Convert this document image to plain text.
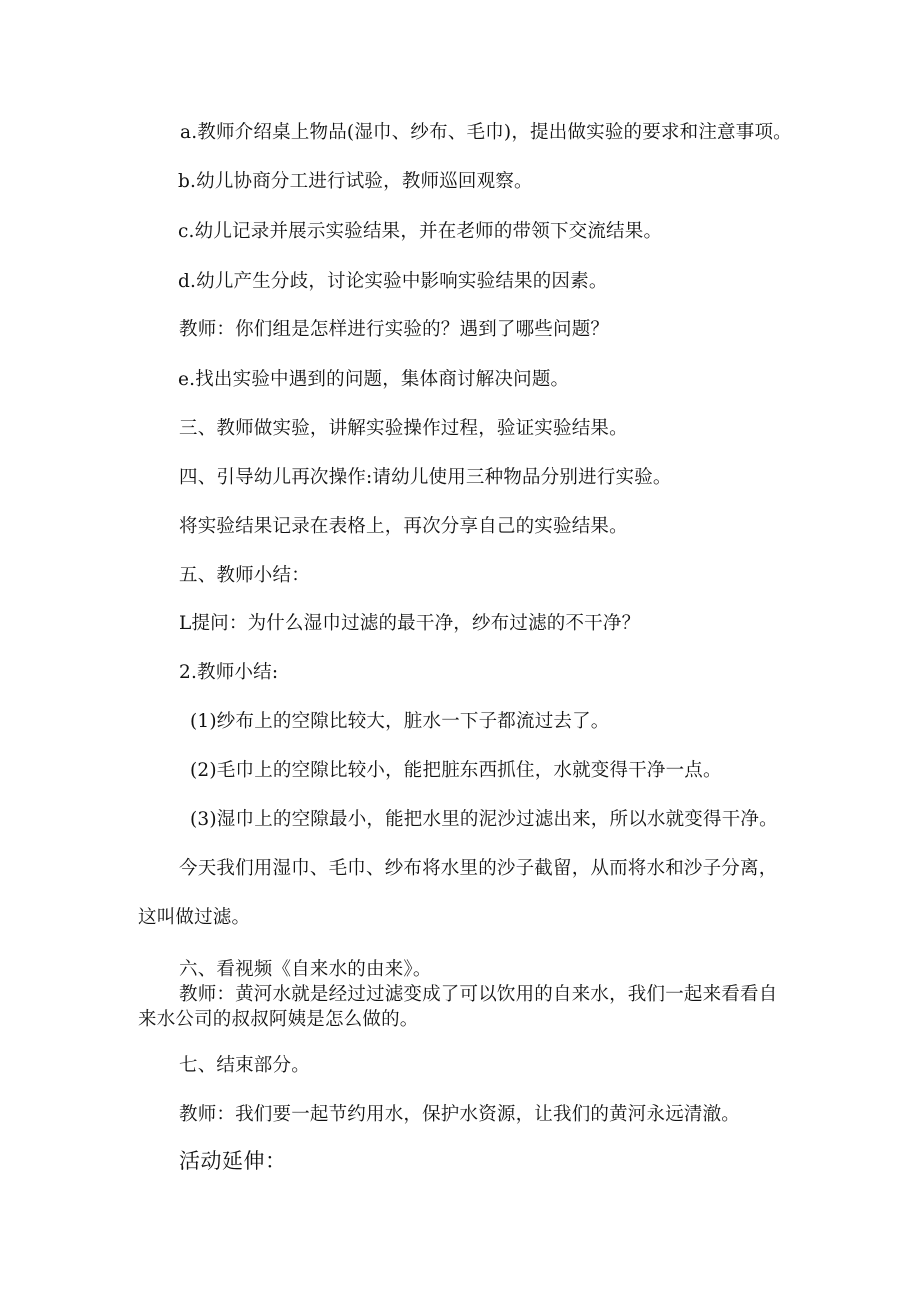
a.教师介绍桌上物品(湿巾、纱布、毛巾)，提出做实验的要求和注意事项。
b.幼儿协商分工进行试验，教师巡回观察。
c.幼儿记录并展示实验结果，并在老师的带领下交流结果。
d.幼儿产生分歧，讨论实验中影响实验结果的因素。
教师：你们组是怎样进行实验的？遇到了哪些问题？
e.找出实验中遇到的问题，集体商讨解决问题。
三、教师做实验，讲解实验操作过程，验证实验结果。
四、引导幼儿再次操作:请幼儿使用三种物品分别进行实验。
将实验结果记录在表格上，再次分享自己的实验结果。
五、教师小结：
L提问：为什么湿巾过滤的最干净，纱布过滤的不干净？
2.教师小结:
(1)纱布上的空隙比较大，脏水一下子都流过去了。
(2)毛巾上的空隙比较小，能把脏东西抓住，水就变得干净一点。
(3)湿巾上的空隙最小，能把水里的泥沙过滤出来，所以水就变得干净。
今天我们用湿巾、毛巾、纱布将水里的沙子截留，从而将水和沙子分离，
这叫做过滤。
六、看视频《自来水的由来》。
教师：黄河水就是经过过滤变成了可以饮用的自来水，我们一起来看看自
来水公司的叔叔阿姨是怎么做的。
七、结束部分。
教师：我们要一起节约用水，保护水资源，让我们的黄河永远清澈。
活动延伸：
